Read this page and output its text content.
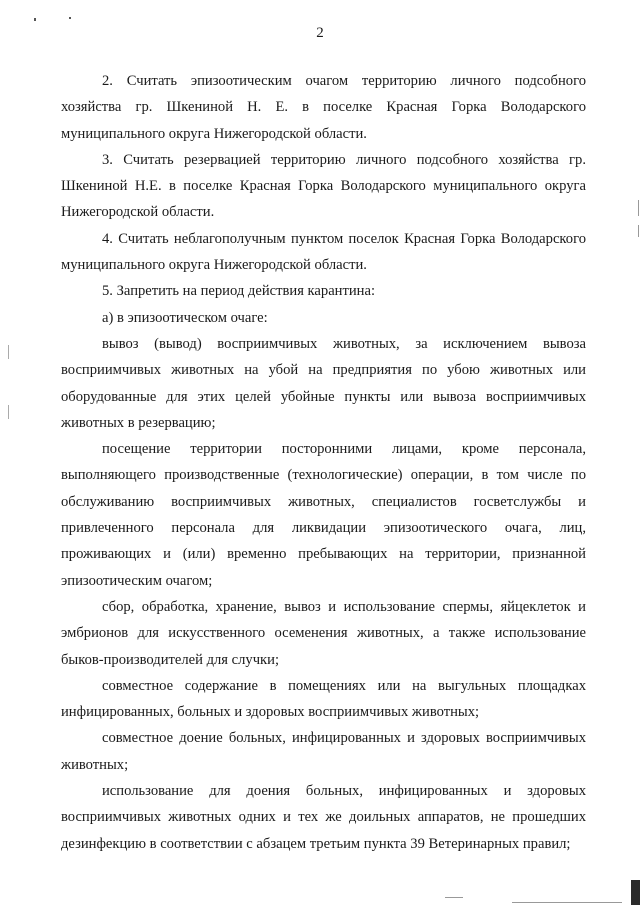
2

2. Считать эпизоотическим очагом территорию личного подсобного хозяйства гр. Шкениной Н. Е. в поселке Красная Горка Володарского муниципального округа Нижегородской области.

3. Считать резервацией территорию личного подсобного хозяйства гр. Шкениной Н.Е. в поселке Красная Горка Володарского муниципального округа Нижегородской области.

4. Считать неблагополучным пунктом поселок Красная Горка Володарского муниципального округа Нижегородской области.

5. Запретить на период действия карантина:

а) в эпизоотическом очаге:

вывоз (вывод) восприимчивых животных, за исключением вывоза восприимчивых животных на убой на предприятия по убою животных или оборудованные для этих целей убойные пункты или вывоза восприимчивых животных в резервацию;

посещение территории посторонними лицами, кроме персонала, выполняющего производственные (технологические) операции, в том числе по обслуживанию восприимчивых животных, специалистов госветслужбы и привлеченного персонала для ликвидации эпизоотического очага, лиц, проживающих и (или) временно пребывающих на территории, признанной эпизоотическим очагом;

сбор, обработка, хранение, вывоз и использование спермы, яйцеклеток и эмбрионов для искусственного осеменения животных, а также использование быков-производителей для случки;

совместное содержание в помещениях или на выгульных площадках инфицированных, больных и здоровых восприимчивых животных;

совместное доение больных, инфицированных и здоровых восприимчивых животных;

использование для доения больных, инфицированных и здоровых восприимчивых животных одних и тех же доильных аппаратов, не прошедших дезинфекцию в соответствии с абзацем третьим пункта 39 Ветеринарных правил;
